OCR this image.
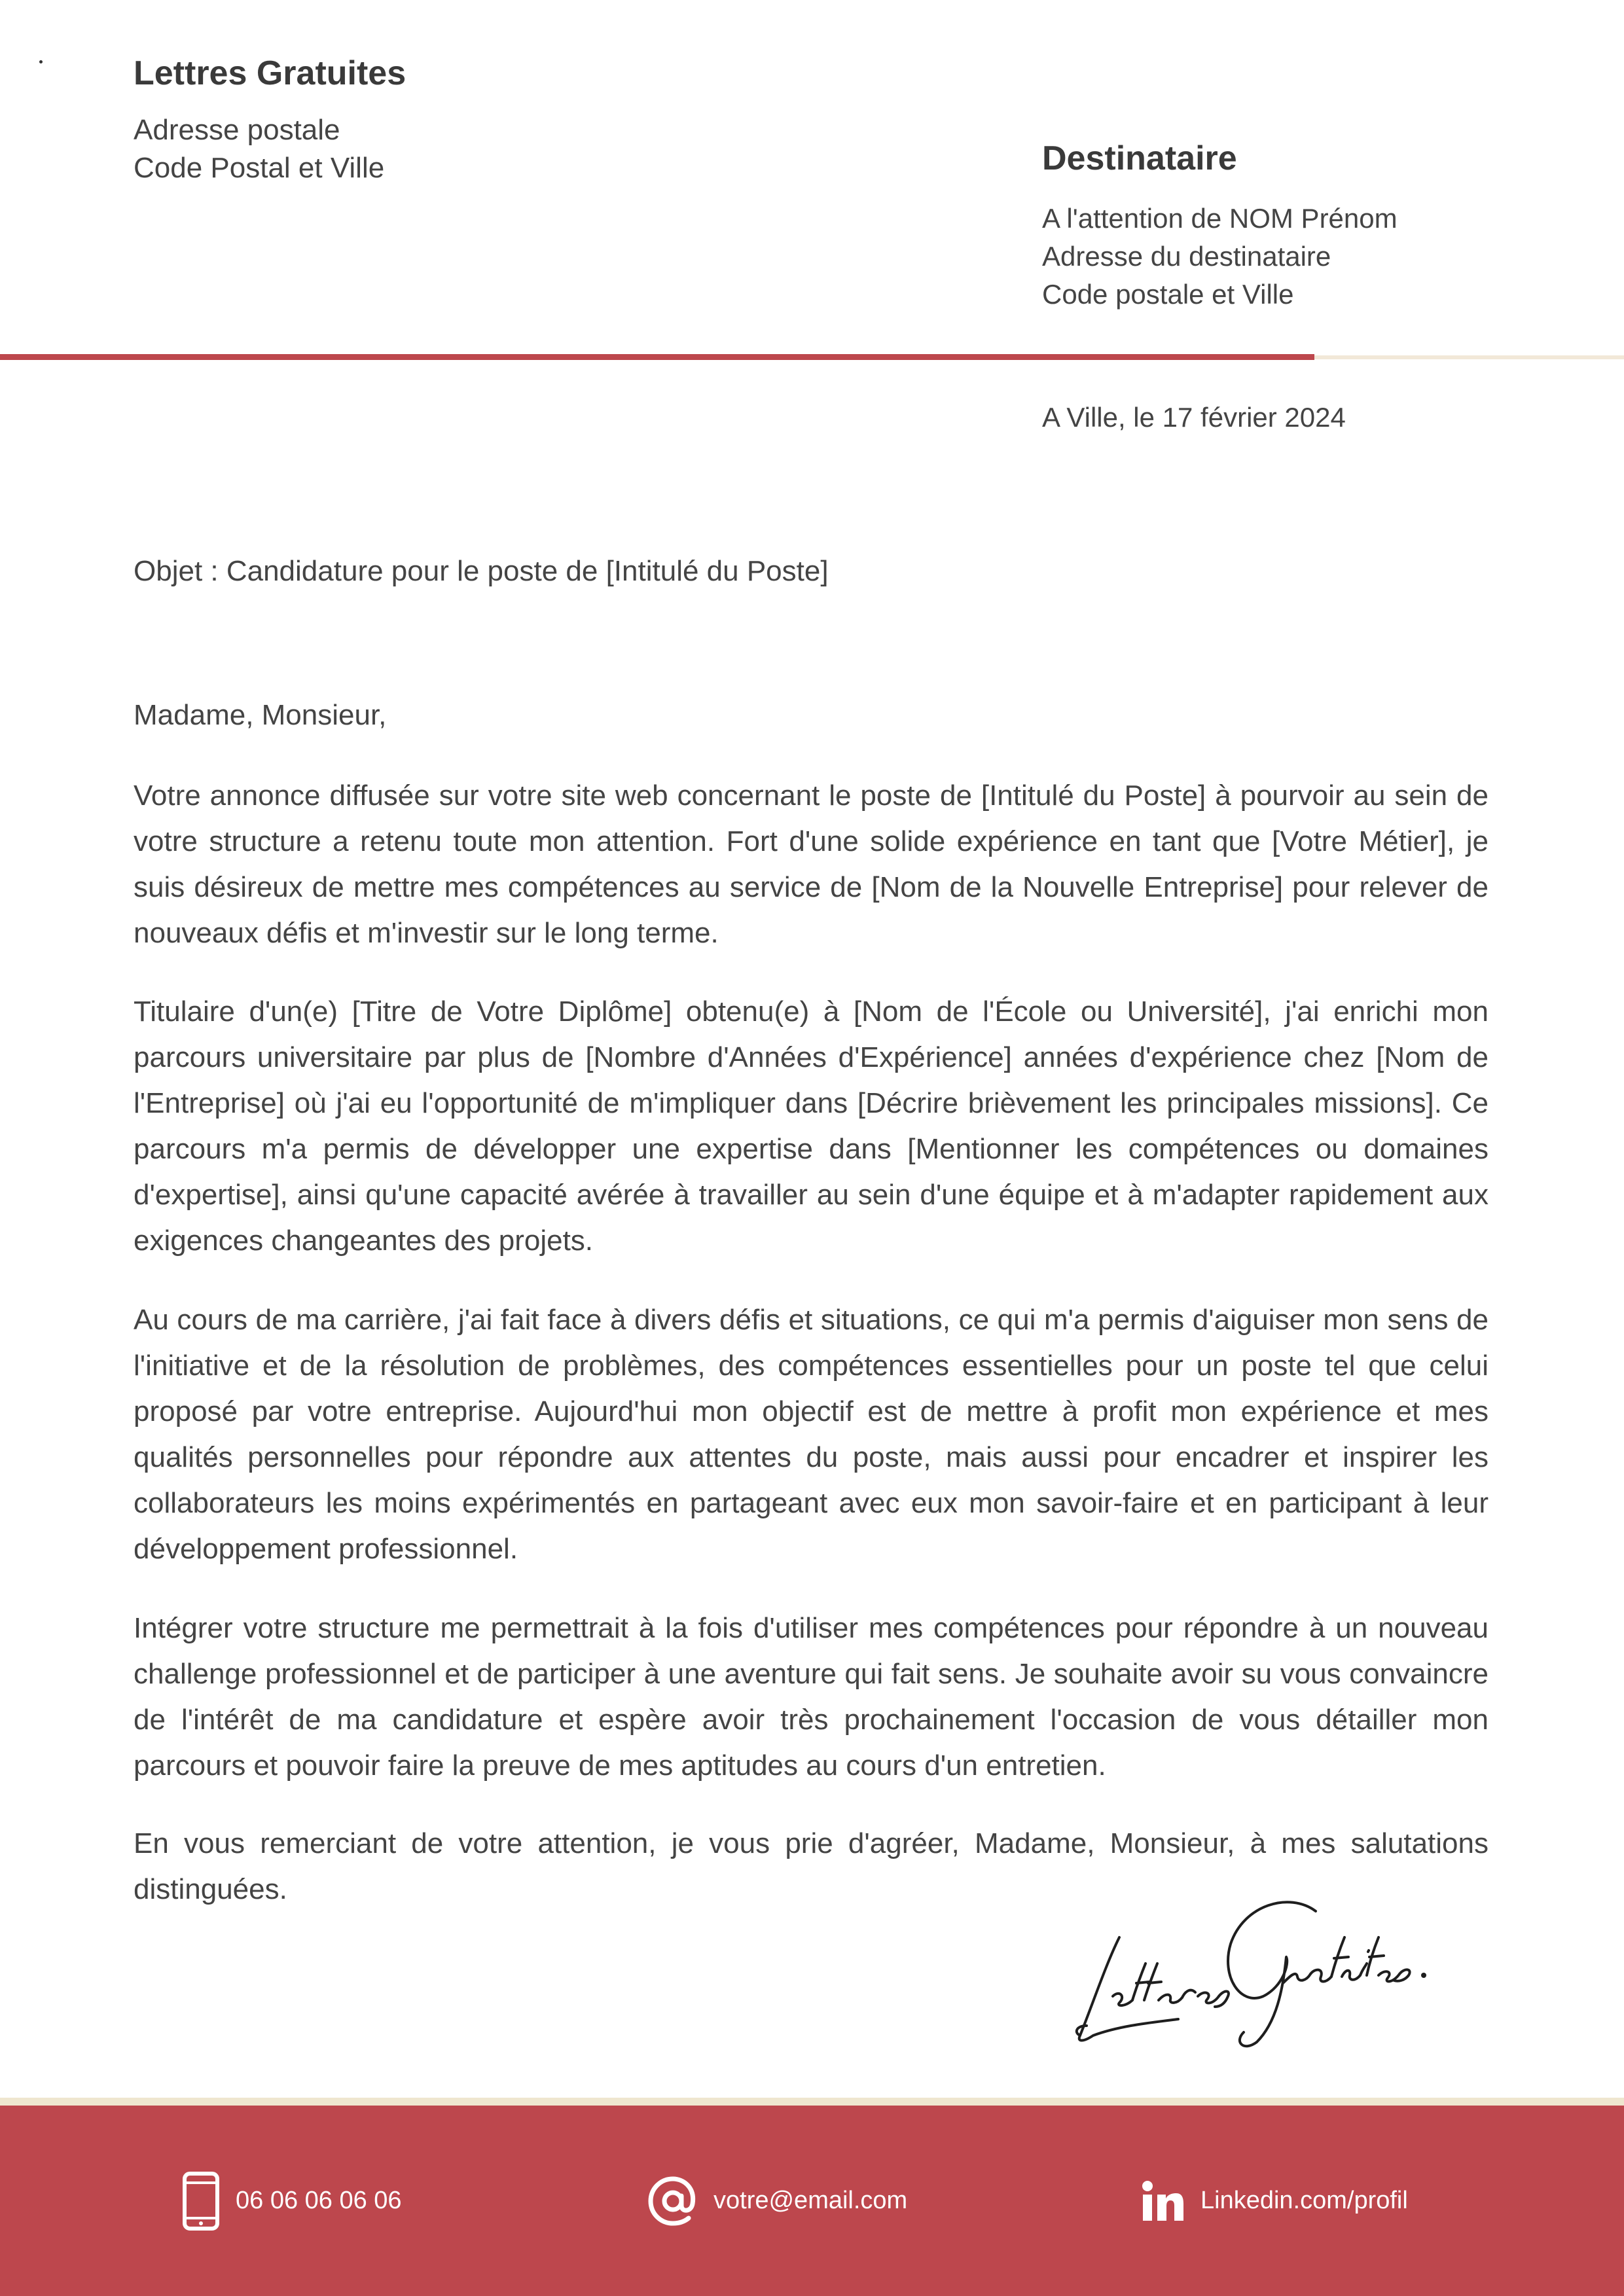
Lettres Gratuites
Adresse postale
Code Postal et Ville	Destinataire
A l'attention de NOM Prénom
Adresse du destinataire
Code postale et Ville
A Ville, le 17 février 2024
Objet : Candidature pour le poste de [Intitulé du Poste]
Madame, Monsieur,
Votre annonce diffusée sur votre site web concernant le poste de [Intitulé du Poste] à pourvoir au sein de votre structure a retenu toute mon attention. Fort d'une solide expérience en tant que [Votre Métier], je suis désireux de mettre mes compétences au service de [Nom de la Nouvelle Entreprise] pour relever de nouveaux défis et m'investir sur le long terme.
Titulaire d'un(e) [Titre de Votre Diplôme] obtenu(e) à [Nom de l'École ou Université], j'ai enrichi mon parcours universitaire par plus de [Nombre d'Années d'Expérience] années d'expérience chez [Nom de l'Entreprise] où j'ai eu l'opportunité de m'impliquer dans [Décrire brièvement les principales missions]. Ce parcours m'a permis de développer une expertise dans [Mentionner les compétences ou domaines d'expertise], ainsi qu'une capacité avérée à travailler au sein d'une équipe et à m'adapter rapidement aux exigences changeantes des projets.
Au cours de ma carrière, j'ai fait face à divers défis et situations, ce qui m'a permis d'aiguiser mon sens de l'initiative et de la résolution de problèmes, des compétences essentielles pour un poste tel que celui proposé par votre entreprise. Aujourd'hui mon objectif est de mettre à profit mon expérience et mes qualités personnelles pour répondre aux attentes du poste, mais aussi pour encadrer et inspirer les collaborateurs les moins expérimentés en partageant avec eux mon savoir-faire et en participant à leur développement professionnel.
Intégrer votre structure me permettrait à la fois d'utiliser mes compétences pour répondre à un nouveau challenge professionnel et de participer à une aventure qui fait sens. Je souhaite avoir su vous convaincre de l'intérêt de ma candidature et espère avoir très prochainement l'occasion de vous détailler mon parcours et pouvoir faire la preuve de mes aptitudes au cours d'un entretien.
En vous remerciant de votre attention, je vous prie d'agréer, Madame, Monsieur, à mes salutations distinguées.
06 06 06 06 06	votre@email.com	Linkedin.com/profil
